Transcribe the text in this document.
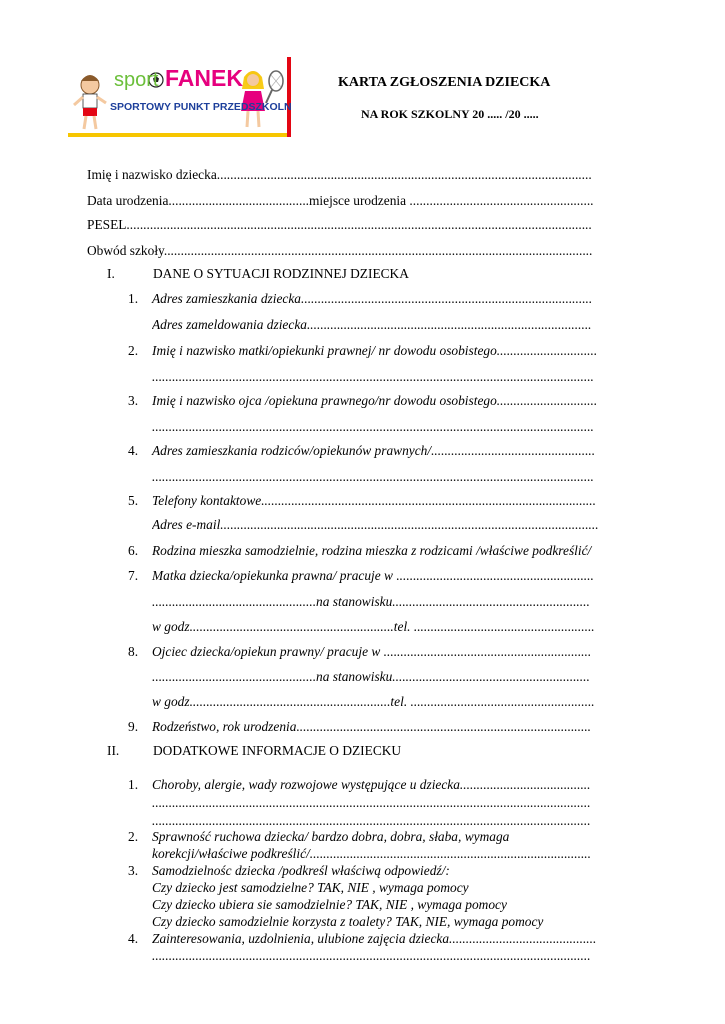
sport FANEK
SPORTOWY PUNKT PRZEDSZKOLNY
KARTA ZGŁOSZENIA DZIECKA
NA ROK SZKOLNY 20 ..... /20 .....
Imię i nazwisko dziecka................................................................................................................
Data urodzenia..........................................miejsce urodzenia .......................................................
PESEL...........................................................................................................................................
Obwód szkoły................................................................................................................................
I.	DANE O SYTUACJI RODZINNEJ DZIECKA
1. Adres zamieszkania dziecka.......................................................................................
Adres zameldowania dziecka.....................................................................................
2. Imię i nazwisko matki/opiekunki prawnej/ nr dowodu osobistego..............................
....................................................................................................................................
3. Imię i nazwisko ojca /opiekuna prawnego/nr dowodu osobistego..............................
....................................................................................................................................
4. Adres zamieszkania rodziców/opiekunów prawnych/.................................................
....................................................................................................................................
5. Telefony kontaktowe....................................................................................................
Adres e-mail.................................................................................................................
6. Rodzina mieszka samodzielnie, rodzina mieszka z rodzicami /właściwe podkreślić/
7. Matka dziecka/opiekunka prawna/ pracuje w ...........................................................
.................................................na stanowisku...........................................................
w godz.............................................................tel. ......................................................
8. Ojciec dziecka/opiekun prawny/ pracuje w ..............................................................
.................................................na stanowisku...........................................................
w godz............................................................tel. .......................................................
9. Rodzeństwo, rok urodzenia........................................................................................
II.	DODATKOWE INFORMACJE O DZIECKU
1. Choroby, alergie, wady rozwojowe występujące u dziecka.......................................
...................................................................................................................................
...................................................................................................................................
2. Sprawność ruchowa dziecka/ bardzo dobra, dobra, słaba, wymaga
korekcji/właściwe podkreślić/....................................................................................
3. Samodzielnośc dziecka /podkreśl właściwą odpowiedź/:
Czy dziecko jest samodzielne? TAK, NIE , wymaga pomocy
Czy dziecko ubiera sie samodzielnie? TAK, NIE , wymaga pomocy
Czy dziecko samodzielnie korzysta z toalety? TAK, NIE, wymaga pomocy
4. Zainteresowania, uzdolnienia, ulubione zajęcia dziecka............................................
...................................................................................................................................
